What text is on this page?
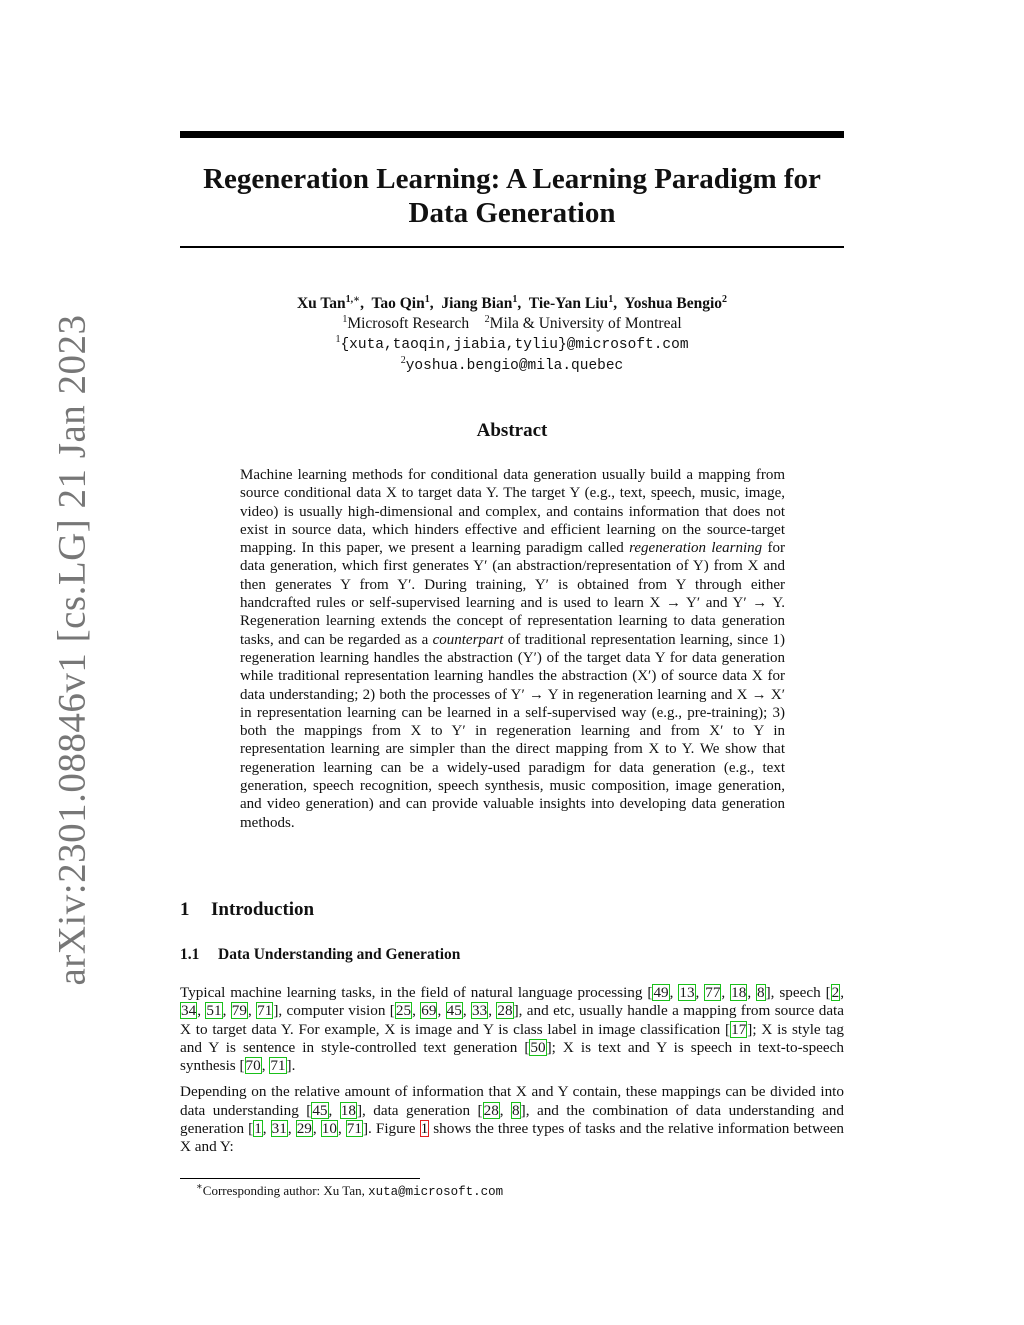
arXiv:2301.08846v1 [cs.LG] 21 Jan 2023
Regeneration Learning: A Learning Paradigm for
Data Generation
Xu Tan$^{1,∗}$,  Tao Qin$^1$,  Jiang Bian$^1$,  Tie-Yan Liu$^1$,  Yoshua Bengio$^2$
$^1$Microsoft Research $^2$Mila & University of Montreal
$^1${xuta,taoqin,jiabia,tyliu}@microsoft.com
$^2$yoshua.bengio@mila.quebec
Abstract

Machine learning methods for conditional data generation usually build a mapping from source conditional data X to target data Y. The target Y (e.g., text, speech, music, image, video) is usually high-dimensional and complex, and contains information that does not exist in source data, which hinders effective and efficient learning on the source-target mapping. In this paper, we present a learning paradigm called regeneration learning for data generation, which first generates Y′ (an abstraction/representation of Y) from X and then generates Y from Y′. During training, Y′ is obtained from Y through either handcrafted rules or self-supervised learning and is used to learn X → Y′ and Y′ → Y. Regeneration learning extends the concept of representation learning to data generation tasks, and can be regarded as a counterpart of traditional representation learning, since 1) regeneration learning handles the abstraction (Y′) of the target data Y for data generation while traditional representation learning handles the abstraction (X′) of source data X for data understanding; 2) both the processes of Y′ → Y in regeneration learning and X → X′ in representation learning can be learned in a self-supervised way (e.g., pre-training); 3) both the mappings from X to Y′ in regeneration learning and from X′ to Y in representation learning are simpler than the direct mapping from X to Y. We show that regeneration learning can be a widely-used paradigm for data generation (e.g., text generation, speech recognition, speech synthesis, music composition, image generation, and video generation) and can provide valuable insights into developing data generation methods.

1 Introduction
1.1 Data Understanding and Generation

Typical machine learning tasks, in the field of natural language processing [49, 13, 77, 18, 8], speech [2, 34, 51, 79, 71], computer vision [25, 69, 45, 33, 28], and etc, usually handle a mapping from source data X to target data Y. For example, X is image and Y is class label in image classification [17]; X is style tag and Y is sentence in style-controlled text generation [50]; X is text and Y is speech in text-to-speech synthesis [70, 71].

Depending on the relative amount of information that X and Y contain, these mappings can be divided into data understanding [45, 18], data generation [28, 8], and the combination of data understanding and generation [1, 31, 29, 10, 71]. Figure 1 shows the three types of tasks and the relative information between X and Y:

∗Corresponding author: Xu Tan, xuta@microsoft.com
